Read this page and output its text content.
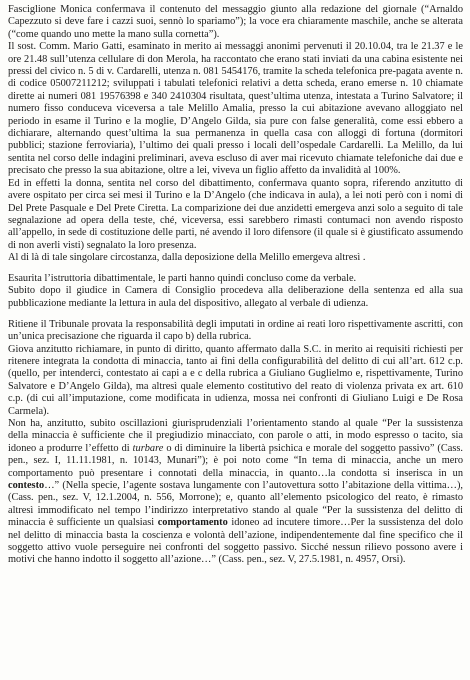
Fasciglione Monica confermava il contenuto del messaggio giunto alla redazione del giornale (“Arnaldo Capezzuto si deve fare i cazzi suoi, sennò lo spariamo”); la voce era chiaramente maschile, anche se alterata (“come quando uno mette la mano sulla cornetta”).

Il sost. Comm. Mario Gatti, esaminato in merito ai messaggi anonimi pervenuti il 20.10.04, tra le 21.37 e le ore 21.48 sull’utenza cellulare di don Merola, ha raccontato che erano stati inviati da una cabina esistente nei pressi del civico n. 5 di v. Cardarelli, utenza n. 081 5454176, tramite la scheda telefonica pre-pagata avente n. di codice 05007211212; sviluppati i tabulati telefonici relativi a detta scheda, erano emerse n. 10 chiamate dirette ai numeri 081 19576398 e 340 2410304 risultata, quest’ultima utenza, intestata a Turino Salvatore; il numero fisso conduceva viceversa a tale Melillo Amalia, presso la cui abitazione avevano alloggiato nel periodo in esame il Turino e la moglie, D’Angelo Gilda, sia pure con false generalità, come essi ebbero a dichiarare, alternando quest’ultima la sua permanenza in quella casa con alloggi di fortuna (dormitori pubblici; stazione ferroviaria), l’ultimo dei quali presso i locali dell’ospedale Cardarelli. La Melillo, da lui sentita nel corso delle indagini preliminari, aveva escluso di aver mai ricevuto chiamate telefoniche dai due e precisato che presso la sua abitazione, oltre a lei, viveva un figlio affetto da invalidità al 100%.

Ed in effetti la donna, sentita nel corso del dibattimento, confermava quanto sopra, riferendo anzitutto di avere ospitato per circa sei mesi il Turino e la D’Angelo (che indicava in aula), a lei noti però con i nomi di Del Prete Pasquale e Del Prete Ciretta. La comparizione dei due anzidetti emergeva anzi solo a seguito di tale segnalazione ad opera della teste, ché, viceversa, essi sarebbero rimasti contumaci non avendo risposto all’appello, in sede di costituzione delle parti, né avendo il loro difensore (il quale si è giustificato assumendo di non averli visti) segnalato la loro presenza.

Al di là di tale singolare circostanza, dalla deposizione della Melillo emergeva altresì .

Esaurita l’istruttoria dibattimentale, le parti hanno quindi concluso come da verbale.

Subito dopo il giudice in Camera di Consiglio procedeva alla deliberazione della sentenza ed alla sua pubblicazione mediante la lettura in aula del dispositivo, allegato al verbale di udienza.

Ritiene il Tribunale provata la responsabilità degli imputati in ordine ai reati loro rispettivamente ascritti, con un’unica precisazione che riguarda il capo b) della rubrica.

Giova anzitutto richiamare, in punto di diritto, quanto affermato dalla S.C. in merito ai requisiti richiesti per ritenere integrata la condotta di minaccia, tanto ai fini della configurabilità del delitto di cui all’art. 612 c.p. (quello, per intenderci, contestato ai capi a e c della rubrica a Giuliano Guglielmo e, rispettivamente, Turino Salvatore e D’Angelo Gilda), ma altresì quale elemento costitutivo del reato di violenza privata ex art. 610 c.p. (di cui all’imputazione, come modificata in udienza, mossa nei confronti di Giuliano Luigi e De Rosa Carmela).

Non ha, anzitutto, subito oscillazioni giurisprudenziali l’orientamento stando al quale “Per la sussistenza della minaccia è sufficiente che il pregiudizio minacciato, con parole o atti, in modo espresso o tacito, sia idoneo a produrre l’effetto di turbare o di diminuire la libertà psichica e morale del soggetto passivo” (Cass. pen., sez. I, 11.11.1981, n. 10143, Munari”); è poi noto come “In tema di minaccia, anche un mero comportamento può presentare i connotati della minaccia, in quanto…la condotta si inserisca in un contesto…” (Nella specie, l’agente sostava lungamente con l’autovettura sotto l’abitazione della vittima…), (Cass. pen., sez. V, 12.1.2004, n. 556, Morrone); e, quanto all’elemento psicologico del reato, è rimasto altresì immodificato nel tempo l’indirizzo interpretativo stando al quale “Per la sussistenza del delitto di minaccia è sufficiente un qualsiasi comportamento idoneo ad incutere timore…Per la sussistenza del dolo nel delitto di minaccia basta la coscienza e volontà dell’azione, indipendentemente dal fine specifico che il soggetto attivo vuole perseguire nei confronti del soggetto passivo. Sicché nessun rilievo possono avere i motivi che hanno indotto il soggetto all’azione…” (Cass. pen., sez. V, 27.5.1981, n. 4957, Orsi).
